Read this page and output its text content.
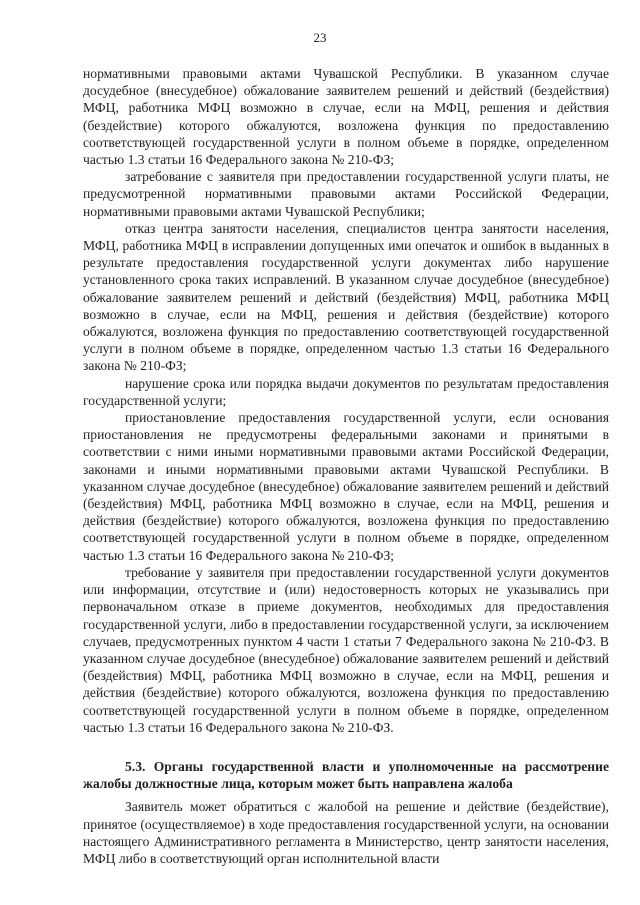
23

нормативными правовыми актами Чувашской Республики. В указанном случае досудебное (внесудебное) обжалование заявителем решений и действий (бездействия) МФЦ, работника МФЦ возможно в случае, если на МФЦ, решения и действия (бездействие) которого обжалуются, возложена функция по предоставлению соответствующей государственной услуги в полном объеме в порядке, определенном частью 1.3 статьи 16 Федерального закона № 210-ФЗ;

затребование с заявителя при предоставлении государственной услуги платы, не предусмотренной нормативными правовыми актами Российской Федерации, нормативными правовыми актами Чувашской Республики;

отказ центра занятости населения, специалистов центра занятости населения, МФЦ, работника МФЦ в исправлении допущенных ими опечаток и ошибок в выданных в результате предоставления государственной услуги документах либо нарушение установленного срока таких исправлений. В указанном случае досудебное (внесудебное) обжалование заявителем решений и действий (бездействия) МФЦ, работника МФЦ возможно в случае, если на МФЦ, решения и действия (бездействие) которого обжалуются, возложена функция по предоставлению соответствующей государственной услуги в полном объеме в порядке, определенном частью 1.3 статьи 16 Федерального закона № 210-ФЗ;

нарушение срока или порядка выдачи документов по результатам предоставления государственной услуги;

приостановление предоставления государственной услуги, если основания приостановления не предусмотрены федеральными законами и принятыми в соответствии с ними иными нормативными правовыми актами Российской Федерации, законами и иными нормативными правовыми актами Чувашской Республики. В указанном случае досудебное (внесудебное) обжалование заявителем решений и действий (бездействия) МФЦ, работника МФЦ возможно в случае, если на МФЦ, решения и действия (бездействие) которого обжалуются, возложена функция по предоставлению соответствующей государственной услуги в полном объеме в порядке, определенном частью 1.3 статьи 16 Федерального закона № 210-ФЗ;

требование у заявителя при предоставлении государственной услуги документов или информации, отсутствие и (или) недостоверность которых не указывались при первоначальном отказе в приеме документов, необходимых для предоставления государственной услуги, либо в предоставлении государственной услуги, за исключением случаев, предусмотренных пунктом 4 части 1 статьи 7 Федерального закона № 210-ФЗ. В указанном случае досудебное (внесудебное) обжалование заявителем решений и действий (бездействия) МФЦ, работника МФЦ возможно в случае, если на МФЦ, решения и действия (бездействие) которого обжалуются, возложена функция по предоставлению соответствующей государственной услуги в полном объеме в порядке, определенном частью 1.3 статьи 16 Федерального закона № 210-ФЗ.

5.3. Органы государственной власти и уполномоченные на рассмотрение жалобы должностные лица, которым может быть направлена жалоба

Заявитель может обратиться с жалобой на решение и действие (бездействие), принятое (осуществляемое) в ходе предоставления государственной услуги, на основании настоящего Административного регламента в Министерство, центр занятости населения, МФЦ либо в соответствующий орган исполнительной власти
